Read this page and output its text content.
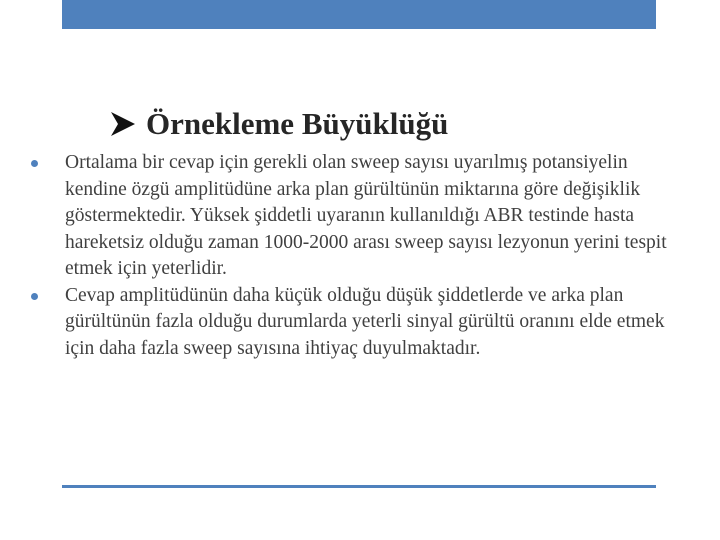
Örnekleme Büyüklüğü

Ortalama bir cevap için gerekli olan sweep sayısı uyarılmış potansiyelin kendine özgü amplitüdüne arka plan gürültünün miktarına göre değişiklik göstermektedir. Yüksek şiddetli uyaranın kullanıldığı ABR testinde hasta hareketsiz olduğu zaman 1000-2000 arası sweep sayısı lezyonun yerini tespit etmek için yeterlidir.

Cevap amplitüdünün daha küçük olduğu düşük şiddetlerde ve arka plan gürültünün fazla olduğu durumlarda yeterli sinyal gürültü oranını elde etmek için daha fazla sweep sayısına ihtiyaç duyulmaktadır.
